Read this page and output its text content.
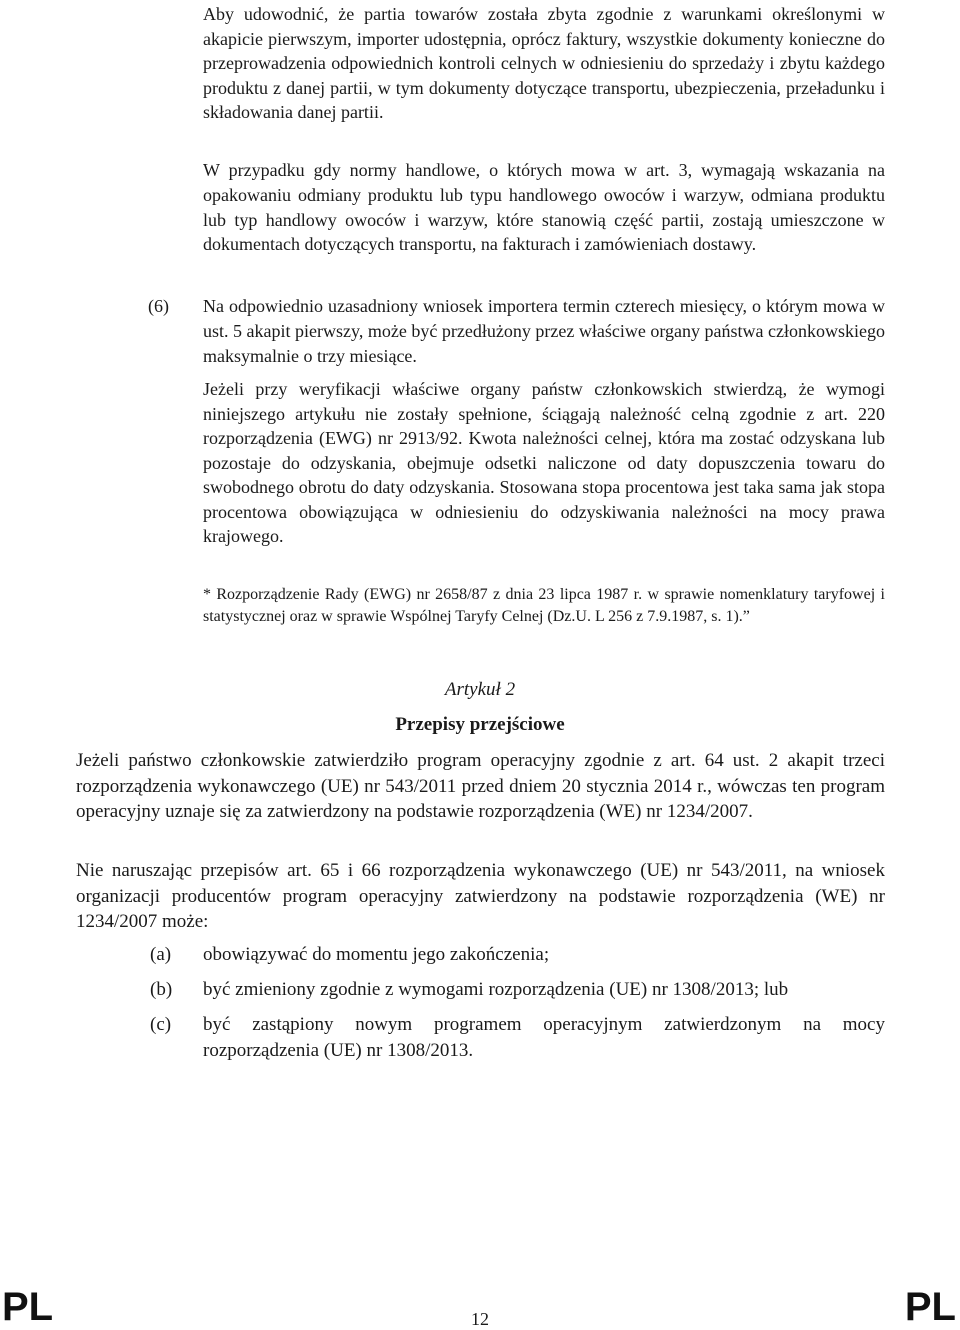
Aby udowodnić, że partia towarów została zbyta zgodnie z warunkami określonymi w akapicie pierwszym, importer udostępnia, oprócz faktury, wszystkie dokumenty konieczne do przeprowadzenia odpowiednich kontroli celnych w odniesieniu do sprzedaży i zbytu każdego produktu z danej partii, w tym dokumenty dotyczące transportu, ubezpieczenia, przeładunku i składowania danej partii.

W przypadku gdy normy handlowe, o których mowa w art. 3, wymagają wskazania na opakowaniu odmiany produktu lub typu handlowego owoców i warzyw, odmiana produktu lub typ handlowy owoców i warzyw, które stanowią część partii, zostają umieszczone w dokumentach dotyczących transportu, na fakturach i zamówieniach dostawy.

(6) Na odpowiednio uzasadniony wniosek importera termin czterech miesięcy, o którym mowa w ust. 5 akapit pierwszy, może być przedłużony przez właściwe organy państwa członkowskiego maksymalnie o trzy miesiące.

Jeżeli przy weryfikacji właściwe organy państw członkowskich stwierdzą, że wymogi niniejszego artykułu nie zostały spełnione, ściągają należność celną zgodnie z art. 220 rozporządzenia (EWG) nr 2913/92. Kwota należności celnej, która ma zostać odzyskana lub pozostaje do odzyskania, obejmuje odsetki naliczone od daty dopuszczenia towaru do swobodnego obrotu do daty odzyskania. Stosowana stopa procentowa jest taka sama jak stopa procentowa obowiązująca w odniesieniu do odzyskiwania należności na mocy prawa krajowego.

* Rozporządzenie Rady (EWG) nr 2658/87 z dnia 23 lipca 1987 r. w sprawie nomenklatury taryfowej i statystycznej oraz w sprawie Wspólnej Taryfy Celnej (Dz.U. L 256 z 7.9.1987, s. 1).”

Artykuł 2
Przepisy przejściowe

Jeżeli państwo członkowskie zatwierdziło program operacyjny zgodnie z art. 64 ust. 2 akapit trzeci rozporządzenia wykonawczego (UE) nr 543/2011 przed dniem 20 stycznia 2014 r., wówczas ten program operacyjny uznaje się za zatwierdzony na podstawie rozporządzenia (WE) nr 1234/2007.

Nie naruszając przepisów art. 65 i 66 rozporządzenia wykonawczego (UE) nr 543/2011, na wniosek organizacji producentów program operacyjny zatwierdzony na podstawie rozporządzenia (WE) nr 1234/2007 może:

(a) obowiązywać do momentu jego zakończenia;

(b) być zmieniony zgodnie z wymogami rozporządzenia (UE) nr 1308/2013; lub

(c) być zastąpiony nowym programem operacyjnym zatwierdzonym na mocy rozporządzenia (UE) nr 1308/2013.

PL	12	PL
